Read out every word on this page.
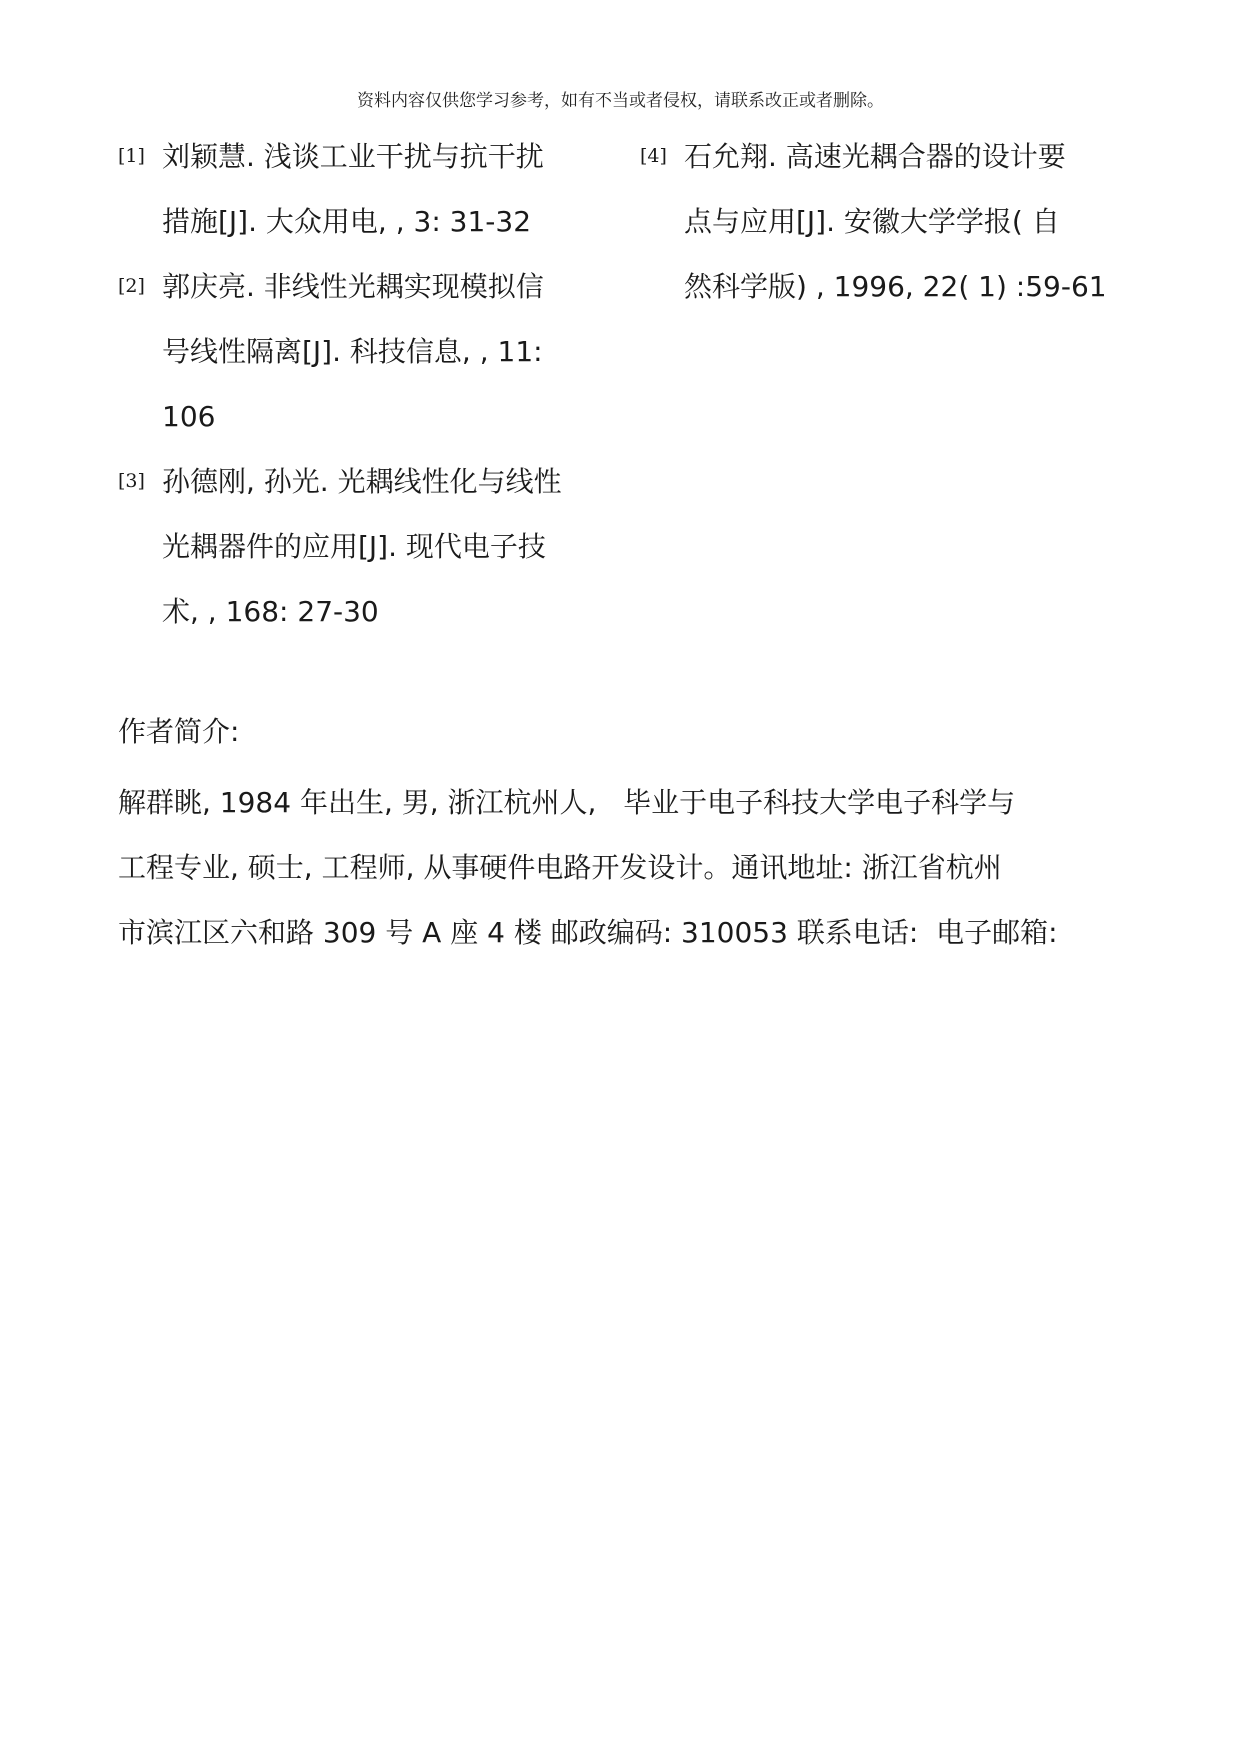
资料内容仅供您学习参考，如有不当或者侵权，请联系改正或者删除。
[1] 刘颖慧. 浅谈工业干扰与抗干扰
措施[J]. 大众用电, , 3: 31-32
[2] 郭庆亮. 非线性光耦实现模拟信
号线性隔离[J]. 科技信息, , 11:
106
[3] 孙德刚, 孙光. 光耦线性化与线性
光耦器件的应用[J]. 现代电子技
术, , 168: 27-30
[4] 石允翔. 高速光耦合器的设计要
点与应用[J]. 安徽大学学报( 自
然科学版) , 1996, 22( 1) :59-61
作者简介:
解群眺, 1984 年出生, 男, 浙江杭州人,   毕业于电子科技大学电子科学与
工程专业, 硕士, 工程师, 从事硬件电路开发设计。通讯地址: 浙江省杭州
市滨江区六和路 309 号 A 座 4 楼 邮政编码: 310053 联系电话:  电子邮箱:
